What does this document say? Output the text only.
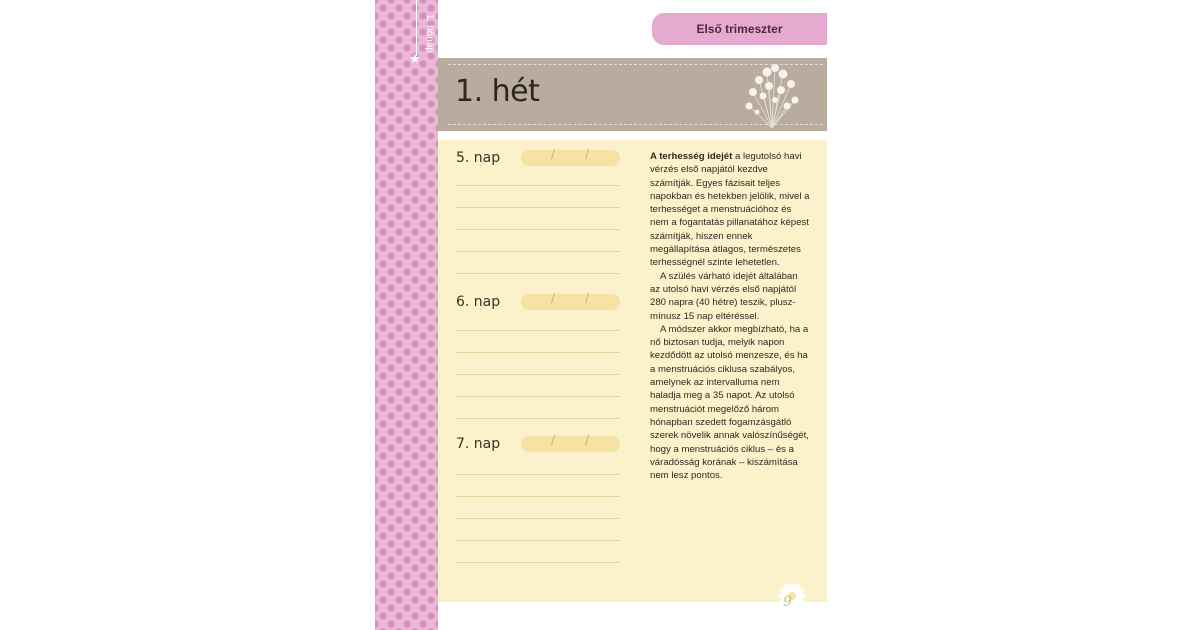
1. hónap
★
Első trimeszter
1. hét
5. nap	/ /
6. nap	/ /
7. nap	/ /

A terhesség idejét a legutolsó havi vérzés első napjától kezdve számítják. Egyes fázisait teljes napokban és hetekben jelölik, mivel a terhességet a menstruációhoz és nem a fogantatás pillanatához képest számítják, hiszen ennek megállapítása átlagos, természetes terhességnél szinte lehetetlen.

A szülés várható idejét általában az utolsó havi vérzés első napjától 280 napra (40 hétre) teszik, plusz-mínusz 15 nap eltéréssel.

A módszer akkor megbízható, ha a nő biztosan tudja, melyik napon kezdődött az utolsó menzesze, és ha a menstruációs ciklusa szabályos, amelynek az intervalluma nem haladja meg a 35 napot. Az utolsó menstruációt megelőző három hónapban szedett fogamzásgátló szerek növelik annak valószínűségét, hogy a menstruációs ciklus – és a váradósság korának – kiszámítása nem lesz pontos.

9
